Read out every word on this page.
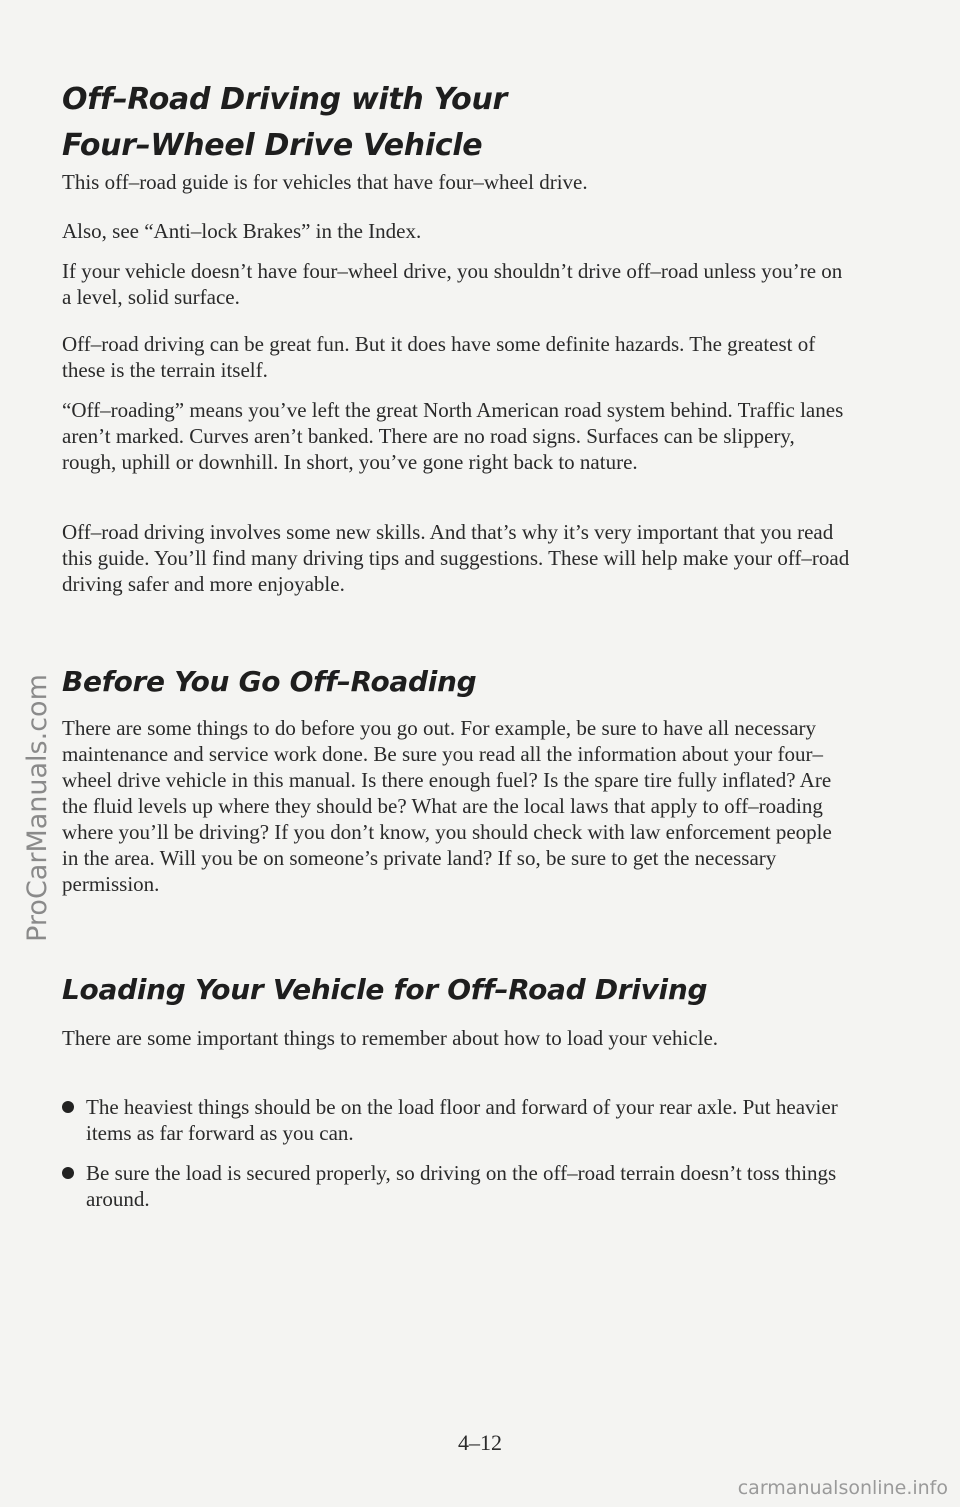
Off–Road Driving with Your
Four–Wheel Drive Vehicle

This off–road guide is for vehicles that have four–wheel drive.

Also, see “Anti–lock Brakes” in the Index.

If your vehicle doesn’t have four–wheel drive, you shouldn’t drive off–road unless you’re on a level, solid surface.

Off–road driving can be great fun. But it does have some definite hazards. The greatest of these is the terrain itself.

“Off–roading” means you’ve left the great North American road system behind. Traffic lanes aren’t marked. Curves aren’t banked. There are no road signs. Surfaces can be slippery, rough, uphill or downhill. In short, you’ve gone right back to nature.

Off–road driving involves some new skills. And that’s why it’s very important that you read this guide. You’ll find many driving tips and suggestions. These will help make your off–road driving safer and more enjoyable.

Before You Go Off–Roading

There are some things to do before you go out. For example, be sure to have all necessary maintenance and service work done. Be sure you read all the information about your four–wheel drive vehicle in this manual. Is there enough fuel? Is the spare tire fully inflated? Are the fluid levels up where they should be? What are the local laws that apply to off–roading where you’ll be driving? If you don’t know, you should check with law enforcement people in the area. Will you be on someone’s private land? If so, be sure to get the necessary permission.

Loading Your Vehicle for Off–Road Driving

There are some important things to remember about how to load your vehicle.

The heaviest things should be on the load floor and forward of your rear axle. Put heavier items as far forward as you can.

Be sure the load is secured properly, so driving on the off–road terrain doesn’t toss things around.

4–12
ProCarManuals.com
carmanualsonline.info
